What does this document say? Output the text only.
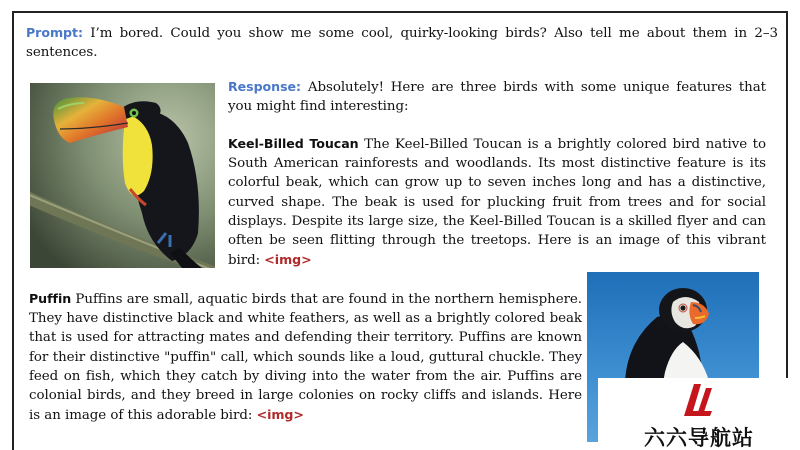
Prompt: I’m bored. Could you show me some cool, quirky-looking birds? Also tell me about them in 2–3 sentences.

Response: Absolutely! Here are three birds with some unique features that you might find interesting:

Keel-Billed Toucan The Keel-Billed Toucan is a brightly colored bird native to South American rainforests and woodlands. Its most distinctive feature is its colorful beak, which can grow up to seven inches long and has a distinctive, curved shape. The beak is used for plucking fruit from trees and for social displays. Despite its large size, the Keel-Billed Toucan is a skilled flyer and can often be seen flitting through the treetops. Here is an image of this vibrant bird: <img>

Puffin Puffins are small, aquatic birds that are found in the northern hemisphere. They have distinctive black and white feathers, as well as a brightly colored beak that is used for attracting mates and defending their territory. Puffins are known for their distinctive "puffin" call, which sounds like a loud, guttural chuckle. They feed on fish, which they catch by diving into the water from the air. Puffins are colonial birds, and they breed in large colonies on rocky cliffs and islands. Here is an image of this adorable bird: <img>

六六导航站
